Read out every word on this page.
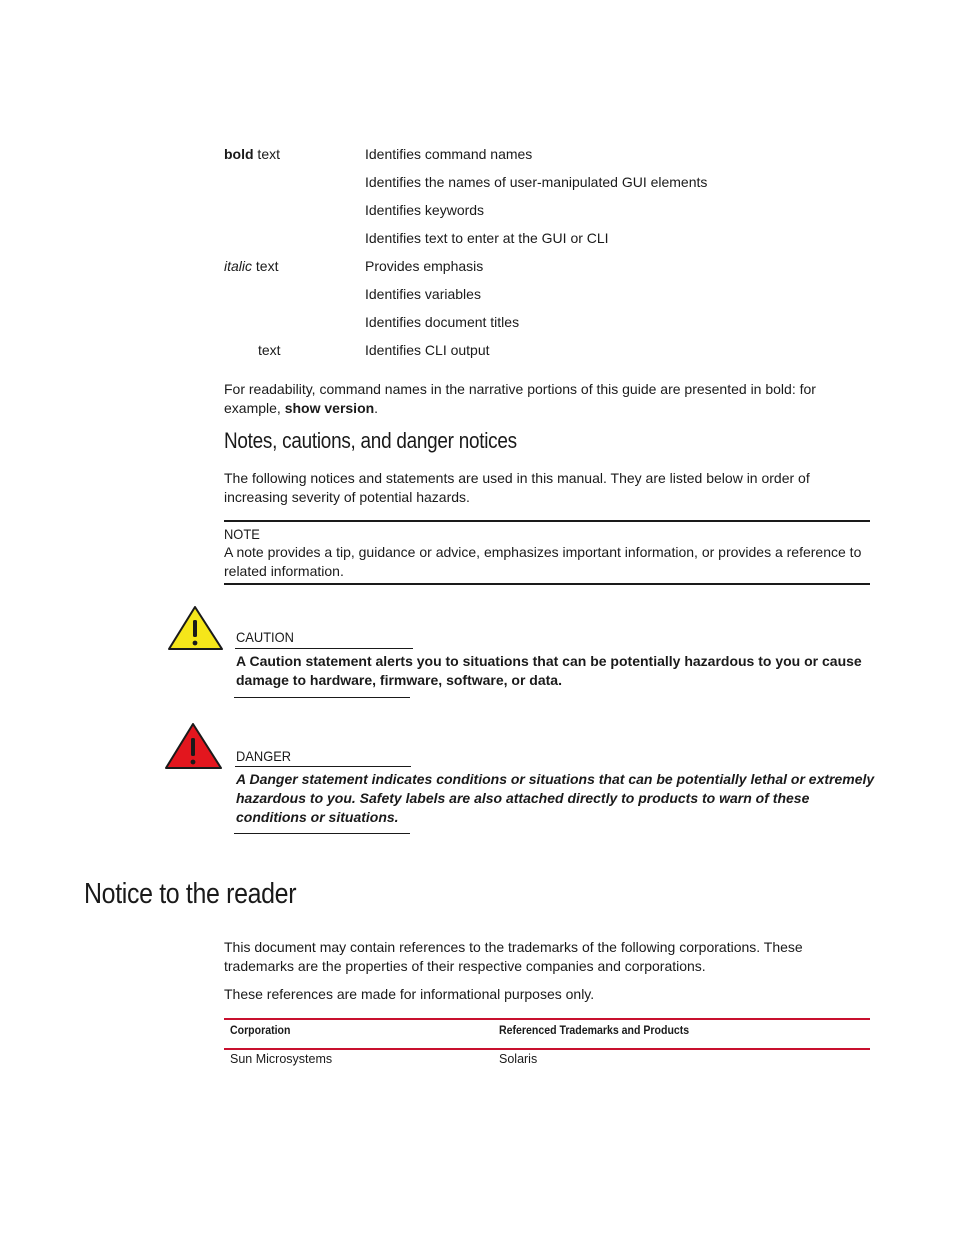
bold text	Identifies command names
Identifies the names of user-manipulated GUI elements
Identifies keywords
Identifies text to enter at the GUI or CLI
italic text	Provides emphasis
Identifies variables
Identifies document titles
text	Identifies CLI output

For readability, command names in the narrative portions of this guide are presented in bold: for example, show version.

Notes, cautions, and danger notices

The following notices and statements are used in this manual. They are listed below in order of increasing severity of potential hazards.

NOTE

A note provides a tip, guidance or advice, emphasizes important information, or provides a reference to related information.

CAUTION

A Caution statement alerts you to situations that can be potentially hazardous to you or cause damage to hardware, firmware, software, or data.

DANGER

A Danger statement indicates conditions or situations that can be potentially lethal or extremely hazardous to you. Safety labels are also attached directly to products to warn of these conditions or situations.

Notice to the reader

This document may contain references to the trademarks of the following corporations. These trademarks are the properties of their respective companies and corporations.

These references are made for informational purposes only.

Corporation	Referenced Trademarks and Products
Sun Microsystems	Solaris
